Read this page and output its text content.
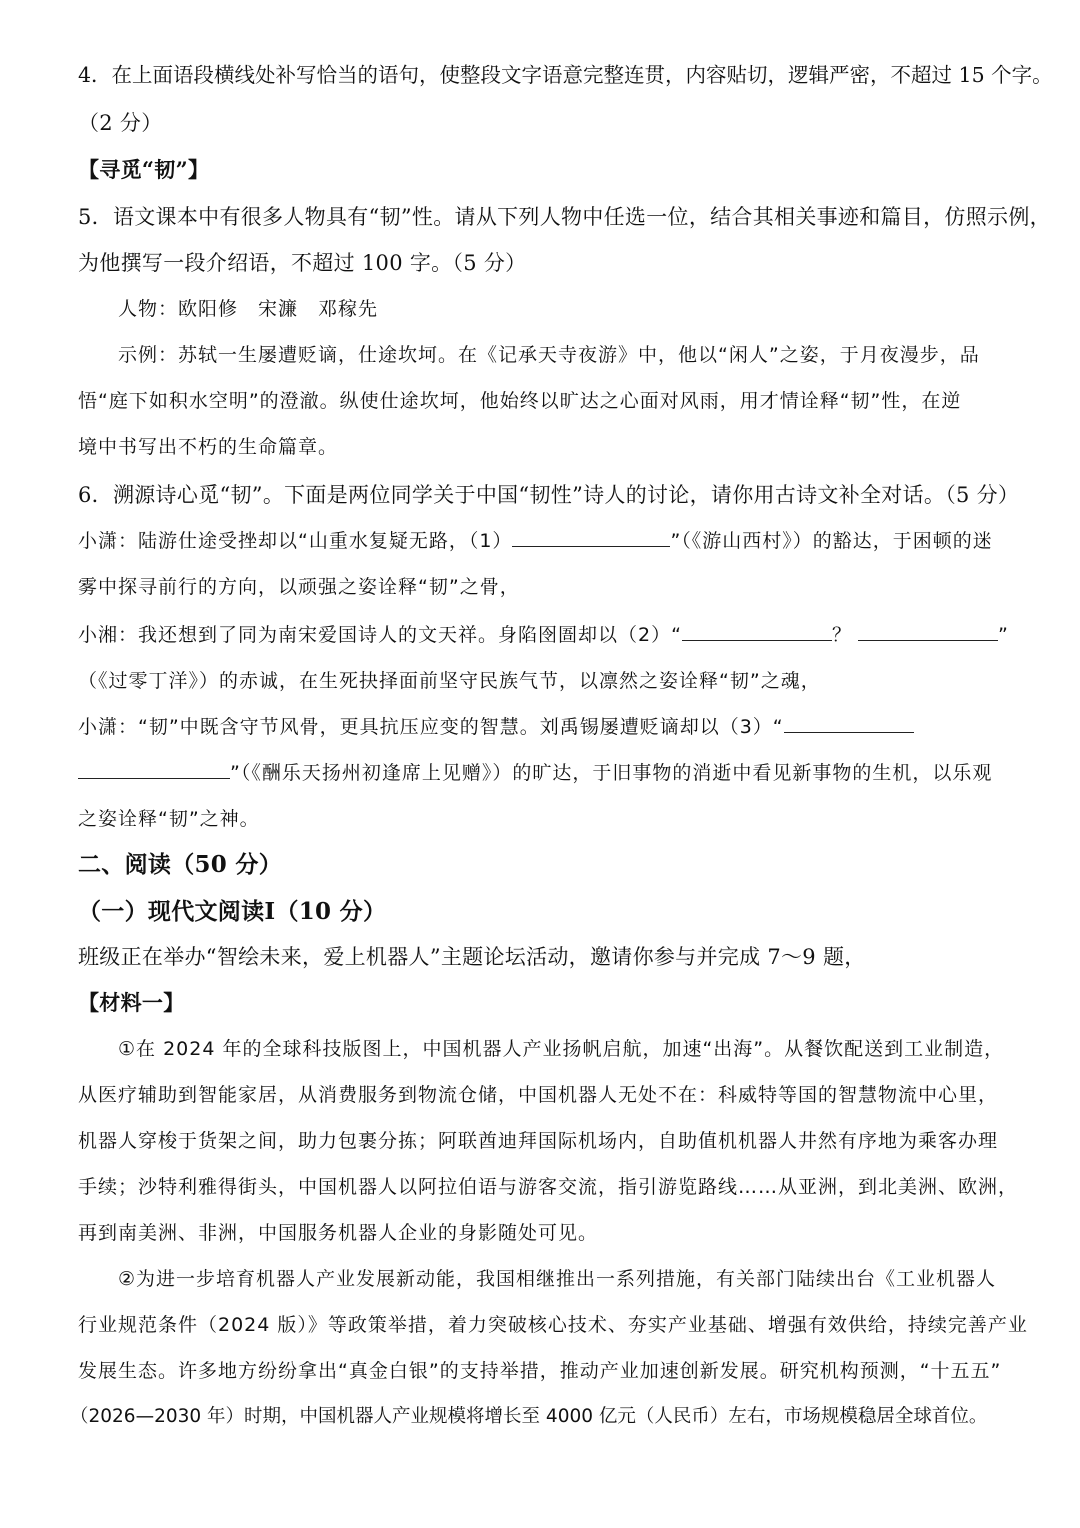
4．在上面语段横线处补写恰当的语句，使整段文字语意完整连贯，内容贴切，逻辑严密，不超过 15 个字。
（2 分）
【寻觅“韧”】
5．语文课本中有很多人物具有“韧”性。请从下列人物中任选一位，结合其相关事迹和篇目，仿照示例，
为他撰写一段介绍语，不超过 100 字。（5 分）
人物：欧阳修　宋濂　邓稼先
示例：苏轼一生屡遭贬谪，仕途坎坷。在《记承天寺夜游》中，他以“闲人”之姿，于月夜漫步，品
悟“庭下如积水空明”的澄澈。纵使仕途坎坷，他始终以旷达之心面对风雨，用才情诠释“韧”性，在逆
境中书写出不朽的生命篇章。
6．溯源诗心觅“韧”。下面是两位同学关于中国“韧性”诗人的讨论，请你用古诗文补全对话。（5 分）
小潇：陆游仕途受挫却以“山重水复疑无路，（1）	”（《游山西村》）的豁达，于困顿的迷
雾中探寻前行的方向，以顽强之姿诠释“韧”之骨，
小湘：我还想到了同为南宋爱国诗人的文天祥。身陷囹圄却以（2）“	？	”
（《过零丁洋》）的赤诚，在生死抉择面前坚守民族气节，以凛然之姿诠释“韧”之魂，
小潇：“韧”中既含守节风骨，更具抗压应变的智慧。刘禹锡屡遭贬谪却以（3）“
”（《酬乐天扬州初逢席上见赠》）的旷达，于旧事物的消逝中看见新事物的生机，以乐观
之姿诠释“韧”之神。
二、阅读（50 分）
（一）现代文阅读Ⅰ（10 分）
班级正在举办“智绘未来，爱上机器人”主题论坛活动，邀请你参与并完成 7～9 题，
【材料一】
①在 2024 年的全球科技版图上，中国机器人产业扬帆启航，加速“出海”。从餐饮配送到工业制造，
从医疗辅助到智能家居，从消费服务到物流仓储，中国机器人无处不在：科威特等国的智慧物流中心里，
机器人穿梭于货架之间，助力包裹分拣；阿联酋迪拜国际机场内，自助值机机器人井然有序地为乘客办理
手续；沙特利雅得街头，中国机器人以阿拉伯语与游客交流，指引游览路线……从亚洲，到北美洲、欧洲，
再到南美洲、非洲，中国服务机器人企业的身影随处可见。
②为进一步培育机器人产业发展新动能，我国相继推出一系列措施，有关部门陆续出台《工业机器人
行业规范条件（2024 版）》等政策举措，着力突破核心技术、夯实产业基础、增强有效供给，持续完善产业
发展生态。许多地方纷纷拿出“真金白银”的支持举措，推动产业加速创新发展。研究机构预测，“十五五”
（2026—2030 年）时期，中国机器人产业规模将增长至 4000 亿元（人民币）左右，市场规模稳居全球首位。
